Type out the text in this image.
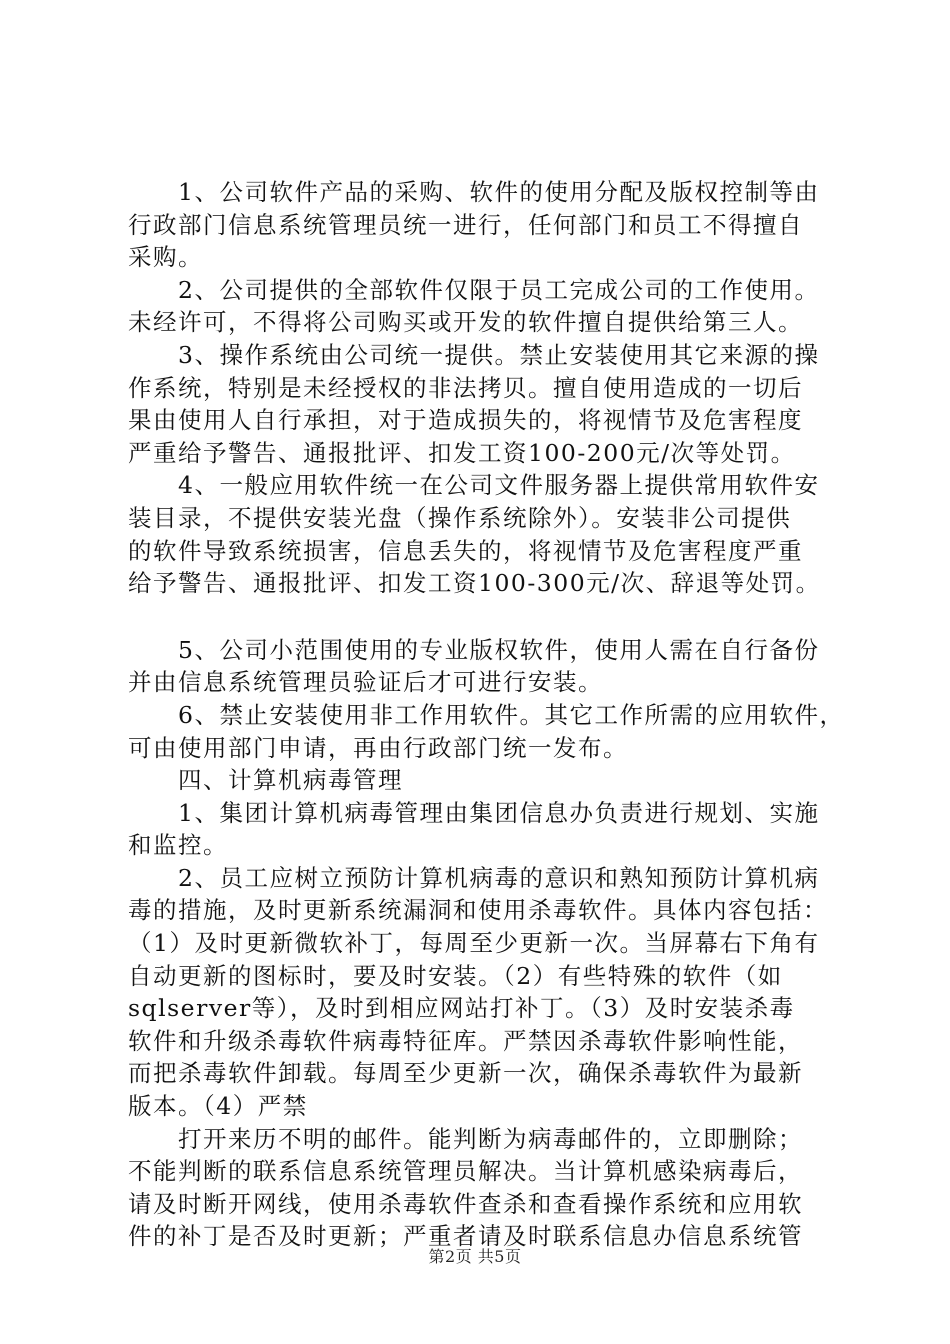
　　1、公司软件产品的采购、软件的使用分配及版权控制等由
行政部门信息系统管理员统一进行，任何部门和员工不得擅自
采购。
　　2、公司提供的全部软件仅限于员工完成公司的工作使用。
未经许可，不得将公司购买或开发的软件擅自提供给第三人。
　　3、操作系统由公司统一提供。禁止安装使用其它来源的操
作系统，特别是未经授权的非法拷贝。擅自使用造成的一切后
果由使用人自行承担，对于造成损失的，将视情节及危害程度
严重给予警告、通报批评、扣发工资100-200元/次等处罚。
　　4、一般应用软件统一在公司文件服务器上提供常用软件安
装目录，不提供安装光盘（操作系统除外）。安装非公司提供
的软件导致系统损害，信息丢失的，将视情节及危害程度严重
给予警告、通报批评、扣发工资100-300元/次、辞退等处罚。
　　5、公司小范围使用的专业版权软件，使用人需在自行备份
并由信息系统管理员验证后才可进行安装。
　　6、禁止安装使用非工作用软件。其它工作所需的应用软件，
可由使用部门申请，再由行政部门统一发布。
　　四、计算机病毒管理
　　1、集团计算机病毒管理由集团信息办负责进行规划、实施
和监控。
　　2、员工应树立预防计算机病毒的意识和熟知预防计算机病
毒的措施，及时更新系统漏洞和使用杀毒软件。具体内容包括：
（1）及时更新微软补丁，每周至少更新一次。当屏幕右下角有
自动更新的图标时，要及时安装。（2）有些特殊的软件（如
sqlserver等），及时到相应网站打补丁。（3）及时安装杀毒
软件和升级杀毒软件病毒特征库。严禁因杀毒软件影响性能，
而把杀毒软件卸载。每周至少更新一次，确保杀毒软件为最新
版本。（4）严禁
　　打开来历不明的邮件。能判断为病毒邮件的，立即删除；
不能判断的联系信息系统管理员解决。当计算机感染病毒后，
请及时断开网线，使用杀毒软件查杀和查看操作系统和应用软
件的补丁是否及时更新；严重者请及时联系信息办信息系统管
第2页 共5页
